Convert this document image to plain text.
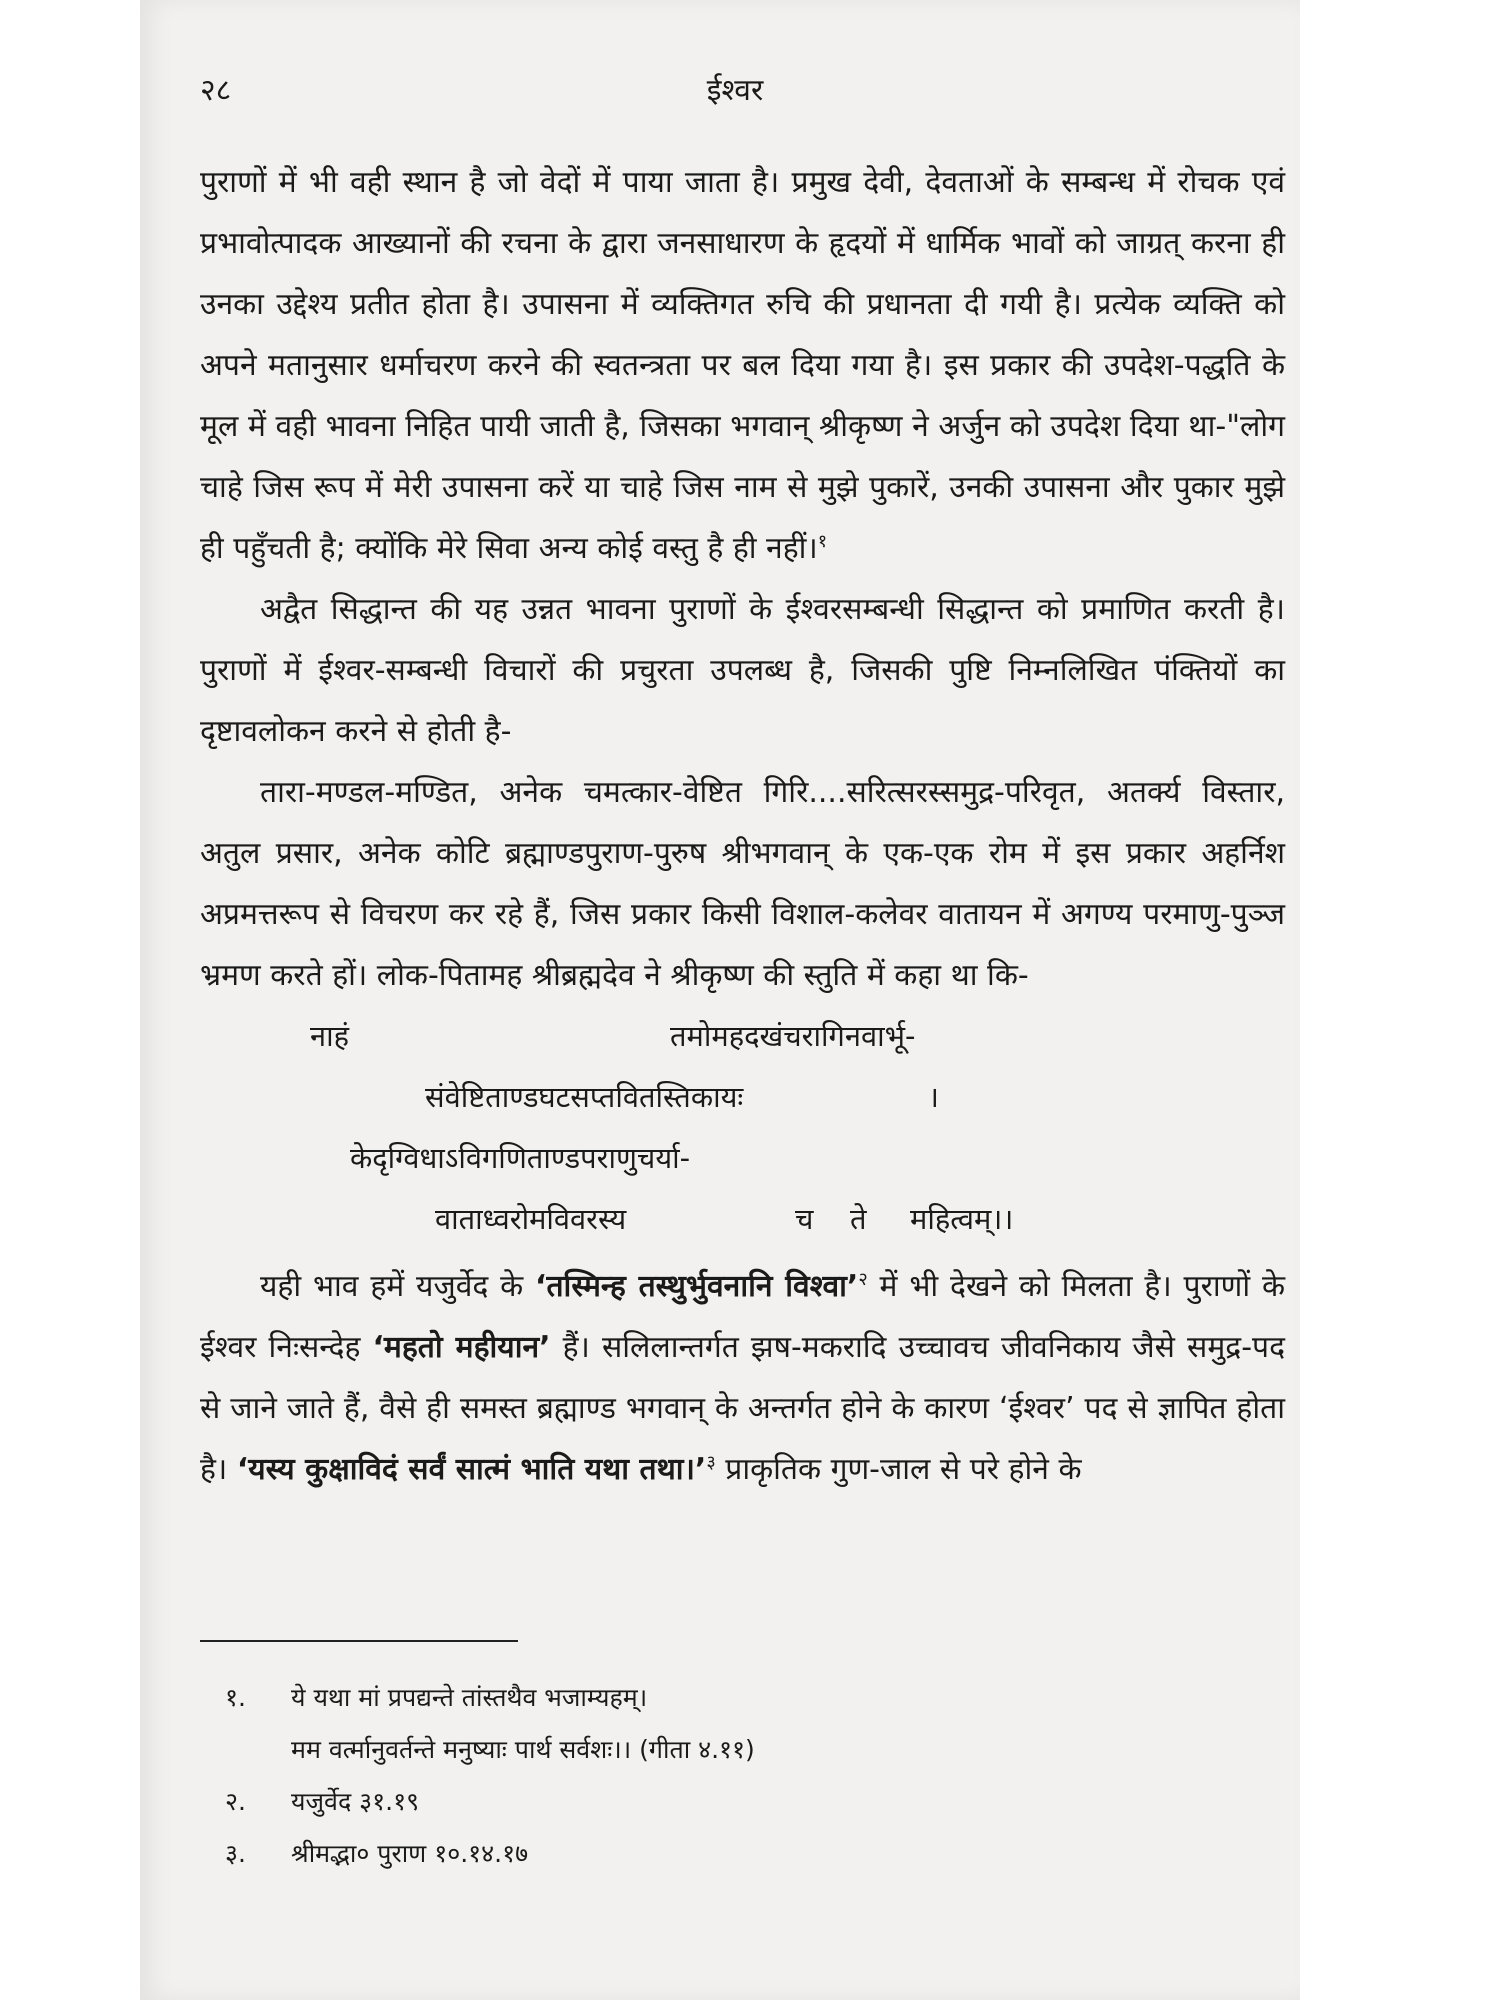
२८	ईश्वर

पुराणों में भी वही स्थान है जो वेदों में पाया जाता है। प्रमुख देवी, देवताओं के सम्बन्ध में रोचक एवं प्रभावोत्पादक आख्यानों की रचना के द्वारा जनसाधारण के हृदयों में धार्मिक भावों को जाग्रत् करना ही उनका उद्देश्य प्रतीत होता है। उपासना में व्यक्तिगत रुचि की प्रधानता दी गयी है। प्रत्येक व्यक्ति को अपने मतानुसार धर्माचरण करने की स्वतन्त्रता पर बल दिया गया है। इस प्रकार की उपदेश-पद्धति के मूल में वही भावना निहित पायी जाती है, जिसका भगवान् श्रीकृष्ण ने अर्जुन को उपदेश दिया था-"लोग चाहे जिस रूप में मेरी उपासना करें या चाहे जिस नाम से मुझे पुकारें, उनकी उपासना और पुकार मुझे ही पहुँचती है; क्योंकि मेरे सिवा अन्य कोई वस्तु है ही नहीं।$^१$

अद्वैत सिद्धान्त की यह उन्नत भावना पुराणों के ईश्वरसम्बन्धी सिद्धान्त को प्रमाणित करती है। पुराणों में ईश्वर-सम्बन्धी विचारों की प्रचुरता उपलब्ध है, जिसकी पुष्टि निम्नलिखित पंक्तियों का दृष्टावलोकन करने से होती है-

तारा-मण्डल-मण्डित, अनेक चमत्कार-वेष्टित गिरि....सरित्सरस्समुद्र-परिवृत, अतर्क्य विस्तार, अतुल प्रसार, अनेक कोटि ब्रह्माण्डपुराण-पुरुष श्रीभगवान् के एक-एक रोम में इस प्रकार अहर्निश अप्रमत्तरूप से विचरण कर रहे हैं, जिस प्रकार किसी विशाल-कलेवर वातायन में अगण्य परमाणु-पुञ्ज भ्रमण करते हों। लोक-पितामह श्रीब्रह्मदेव ने श्रीकृष्ण की स्तुति में कहा था कि-

नाहं	तमोमहदखंचरागिनवार्भू-
संवेष्टिताण्डघटसप्तवितस्तिकायः	।
केदृग्विधाऽविगणिताण्डपराणुचर्या-
वाताध्वरोमविवरस्य	च ते महित्वम्।।

यही भाव हमें यजुर्वेद के ‘तस्मिन्ह तस्थुर्भुवनानि विश्वा’$^२$ में भी देखने को मिलता है। पुराणों के ईश्वर निःसन्देह ‘महतो महीयान’ हैं। सलिलान्तर्गत झष-मकरादि उच्चावच जीवनिकाय जैसे समुद्र-पद से जाने जाते हैं, वैसे ही समस्त ब्रह्माण्ड भगवान् के अन्तर्गत होने के कारण ‘ईश्वर’ पद से ज्ञापित होता है। ‘यस्य कुक्षाविदं सर्वं सात्मं भाति यथा तथा।’$^३$ प्राकृतिक गुण-जाल से परे होने के

१. ये यथा मां प्रपद्यन्ते तांस्तथैव भजाम्यहम्।

मम वर्त्मानुवर्तन्ते मनुष्याः पार्थ सर्वशः।। (गीता ४.११)

२. यजुर्वेद ३१.१९

३. श्रीमद्भा० पुराण १०.१४.१७
